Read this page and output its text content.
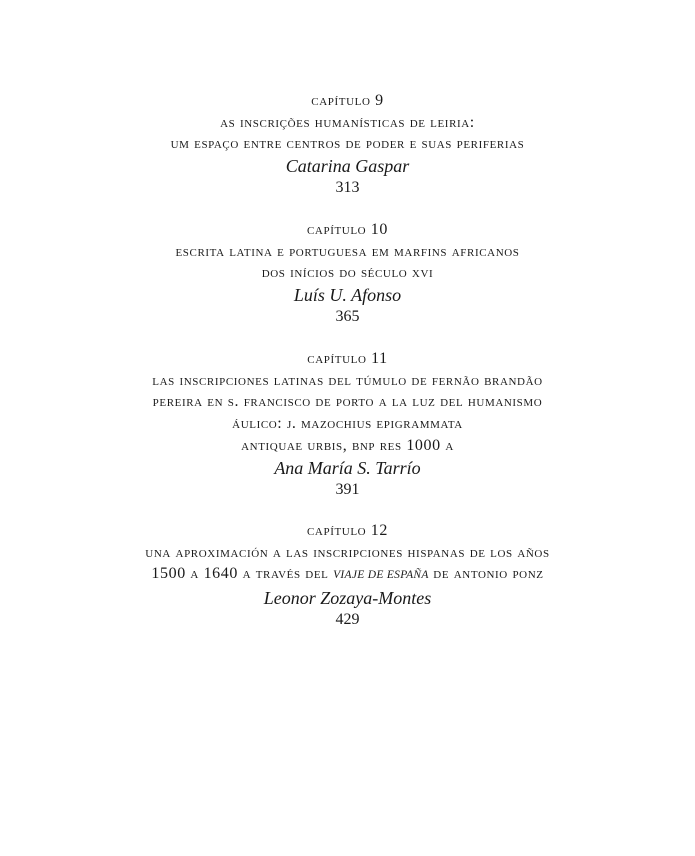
capítulo 9
as inscrições humanísticas de leiria:
um espaço entre centros de poder e suas periferias
Catarina Gaspar
313
capítulo 10
escrita latina e portuguesa em marfins africanos
dos inícios do século xvi
Luís U. Afonso
365
capítulo 11
las inscripciones latinas del túmulo de fernão brandão
pereira en s. francisco de porto a la luz del humanismo
áulico: j. mazochius epigrammata
antiquae urbis, bnp res 1000 a
Ana María S. Tarrío
391
capítulo 12
una aproximación a las inscripciones hispanas de los años
1500 a 1640 a través del VIAJE DE ESPAÑA de antonio ponz
Leonor Zozaya-Montes
429
